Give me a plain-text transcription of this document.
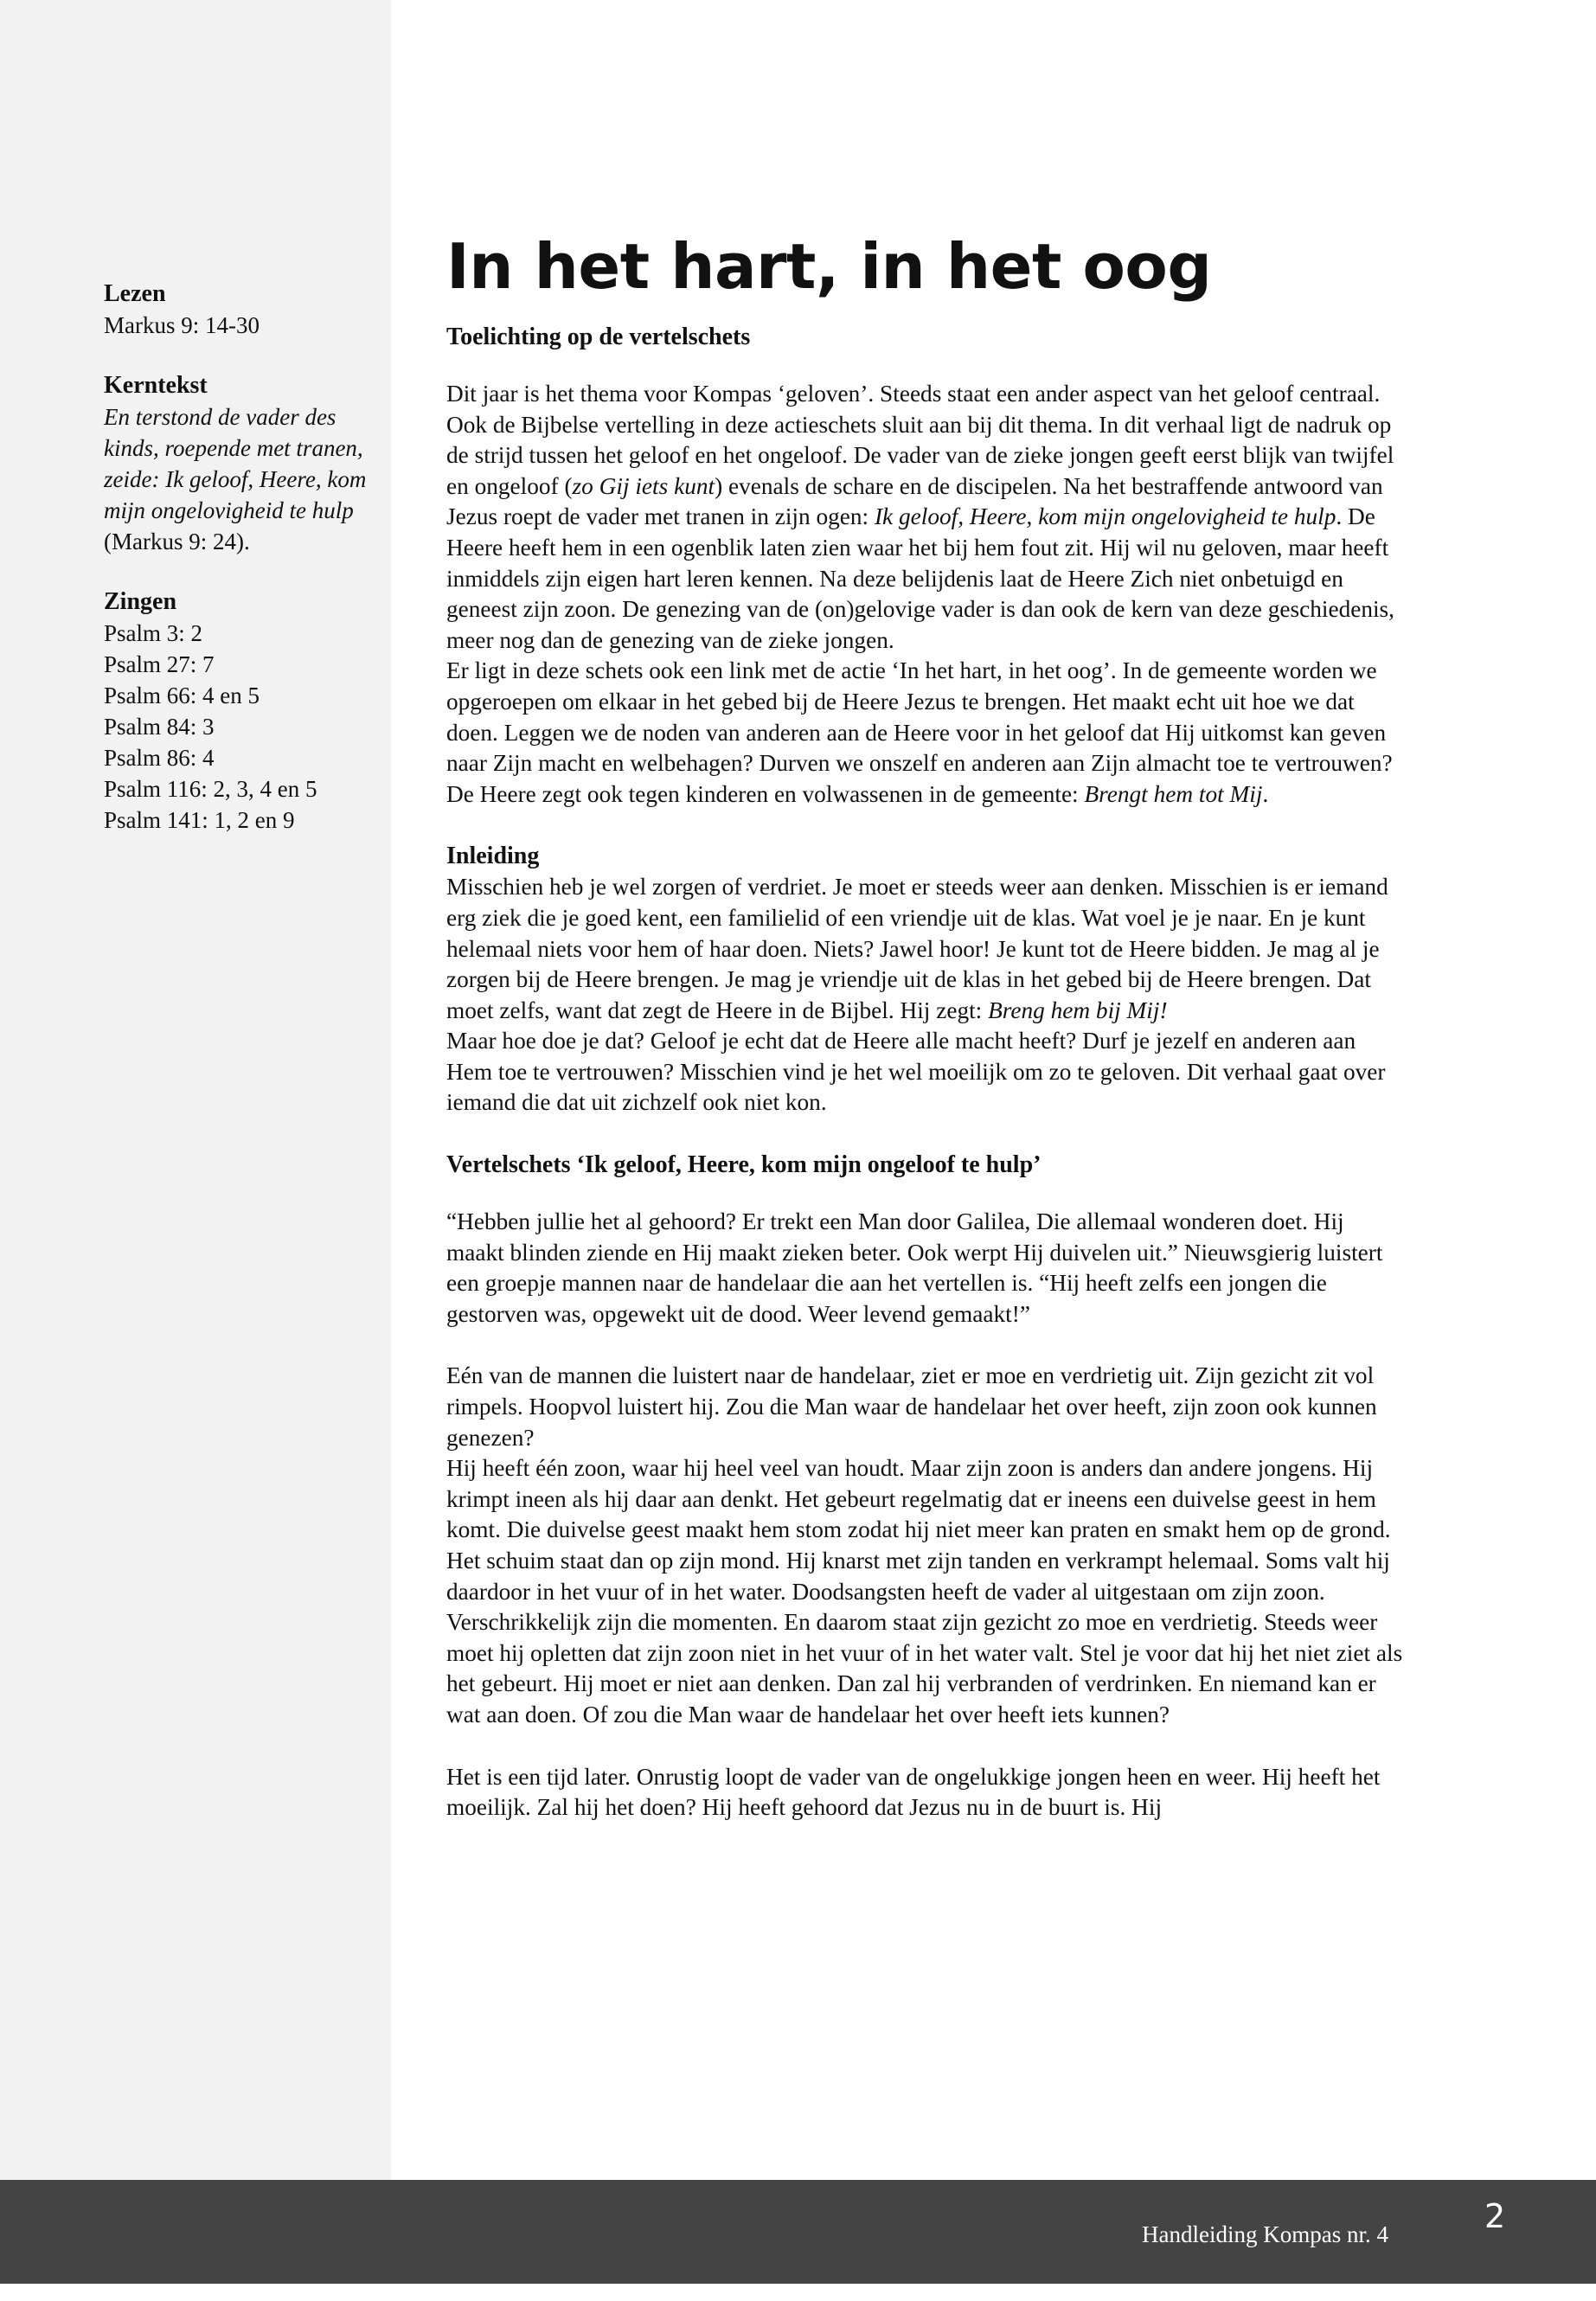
Lezen

Markus 9: 14-30

Kerntekst

En terstond de vader des kinds, roepende met tranen, zeide: Ik geloof, Heere, kom mijn ongelovigheid te hulp

(Markus 9: 24).

Zingen
Psalm 3: 2
Psalm 27: 7
Psalm 66: 4 en 5
Psalm 84: 3
Psalm 86: 4
Psalm 116: 2, 3, 4 en 5
Psalm 141: 1, 2 en 9
In het hart, in het oog
Toelichting op de vertelschets

Dit jaar is het thema voor Kompas ‘geloven’. Steeds staat een ander aspect van het geloof centraal. Ook de Bijbelse vertelling in deze actieschets sluit aan bij dit thema. In dit verhaal ligt de nadruk op de strijd tussen het geloof en het ongeloof. De vader van de zieke jongen geeft eerst blijk van twijfel en ongeloof (zo Gij iets kunt) evenals de schare en de discipelen. Na het bestraffende antwoord van Jezus roept de vader met tranen in zijn ogen: Ik geloof, Heere, kom mijn ongelovigheid te hulp. De Heere heeft hem in een ogenblik laten zien waar het bij hem fout zit. Hij wil nu geloven, maar heeft inmiddels zijn eigen hart leren kennen. Na deze belijdenis laat de Heere Zich niet onbetuigd en geneest zijn zoon. De genezing van de (on)gelovige vader is dan ook de kern van deze geschiedenis, meer nog dan de genezing van de zieke jongen.

Er ligt in deze schets ook een link met de actie ‘In het hart, in het oog’. In de gemeente worden we opgeroepen om elkaar in het gebed bij de Heere Jezus te brengen. Het maakt echt uit hoe we dat doen. Leggen we de noden van anderen aan de Heere voor in het geloof dat Hij uitkomst kan geven naar Zijn macht en welbehagen? Durven we onszelf en anderen aan Zijn almacht toe te vertrouwen? De Heere zegt ook tegen kinderen en volwassenen in de gemeente: Brengt hem tot Mij.

Inleiding

Misschien heb je wel zorgen of verdriet. Je moet er steeds weer aan denken. Misschien is er iemand erg ziek die je goed kent, een familielid of een vriendje uit de klas. Wat voel je je naar. En je kunt helemaal niets voor hem of haar doen. Niets? Jawel hoor! Je kunt tot de Heere bidden. Je mag al je zorgen bij de Heere brengen. Je mag je vriendje uit de klas in het gebed bij de Heere brengen. Dat moet zelfs, want dat zegt de Heere in de Bijbel. Hij zegt: Breng hem bij Mij!

Maar hoe doe je dat? Geloof je echt dat de Heere alle macht heeft? Durf je jezelf en anderen aan Hem toe te vertrouwen? Misschien vind je het wel moeilijk om zo te geloven. Dit verhaal gaat over iemand die dat uit zichzelf ook niet kon.

Vertelschets ‘Ik geloof, Heere, kom mijn ongeloof te hulp’

“Hebben jullie het al gehoord? Er trekt een Man door Galilea, Die allemaal wonderen doet. Hij maakt blinden ziende en Hij maakt zieken beter. Ook werpt Hij duivelen uit.” Nieuwsgierig luistert een groepje mannen naar de handelaar die aan het vertellen is. “Hij heeft zelfs een jongen die gestorven was, opgewekt uit de dood. Weer levend gemaakt!”

Eén van de mannen die luistert naar de handelaar, ziet er moe en verdrietig uit. Zijn gezicht zit vol rimpels. Hoopvol luistert hij. Zou die Man waar de handelaar het over heeft, zijn zoon ook kunnen genezen?

Hij heeft één zoon, waar hij heel veel van houdt. Maar zijn zoon is anders dan andere jongens. Hij krimpt ineen als hij daar aan denkt. Het gebeurt regelmatig dat er ineens een duivelse geest in hem komt. Die duivelse geest maakt hem stom zodat hij niet meer kan praten en smakt hem op de grond. Het schuim staat dan op zijn mond. Hij knarst met zijn tanden en verkrampt helemaal. Soms valt hij daardoor in het vuur of in het water. Doodsangsten heeft de vader al uitgestaan om zijn zoon. Verschrikkelijk zijn die momenten. En daarom staat zijn gezicht zo moe en verdrietig. Steeds weer moet hij opletten dat zijn zoon niet in het vuur of in het water valt. Stel je voor dat hij het niet ziet als het gebeurt. Hij moet er niet aan denken. Dan zal hij verbranden of verdrinken. En niemand kan er wat aan doen. Of zou die Man waar de handelaar het over heeft iets kunnen?

Het is een tijd later. Onrustig loopt de vader van de ongelukkige jongen heen en weer. Hij heeft het moeilijk. Zal hij het doen? Hij heeft gehoord dat Jezus nu in de buurt is. Hij

Handleiding Kompas nr. 4	2
